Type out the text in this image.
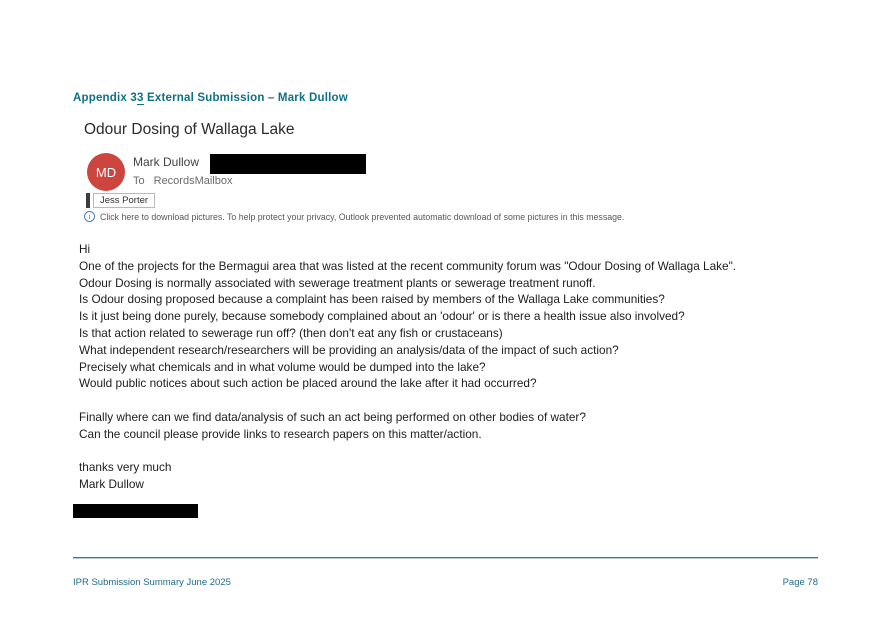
Appendix 33 External Submission – Mark Dullow
Odour Dosing of Wallaga Lake
MD
Mark Dullow
To RecordsMailbox
Jess Porter
i	Click here to download pictures. To help protect your privacy, Outlook prevented automatic download of some pictures in this message.
Hi
One of the projects for the Bermagui area that was listed at the recent community forum was "Odour Dosing of Wallaga Lake".
Odour Dosing is normally associated with sewerage treatment plants or sewerage treatment runoff.
Is Odour dosing proposed because a complaint has been raised by members of the Wallaga Lake communities?
Is it just being done purely, because somebody complained about an 'odour' or is there a health issue also involved?
Is that action related to sewerage run off? (then don't eat any fish or crustaceans)
What independent research/researchers will be providing an analysis/data of the impact of such action?
Precisely what chemicals and in what volume would be dumped into the lake?
Would public notices about such action be placed around the lake after it had occurred?
Finally where can we find data/analysis of such an act being performed on other bodies of water?
Can the council please provide links to research papers on this matter/action.
thanks very much
Mark Dullow
IPR Submission Summary June 2025	Page 78
